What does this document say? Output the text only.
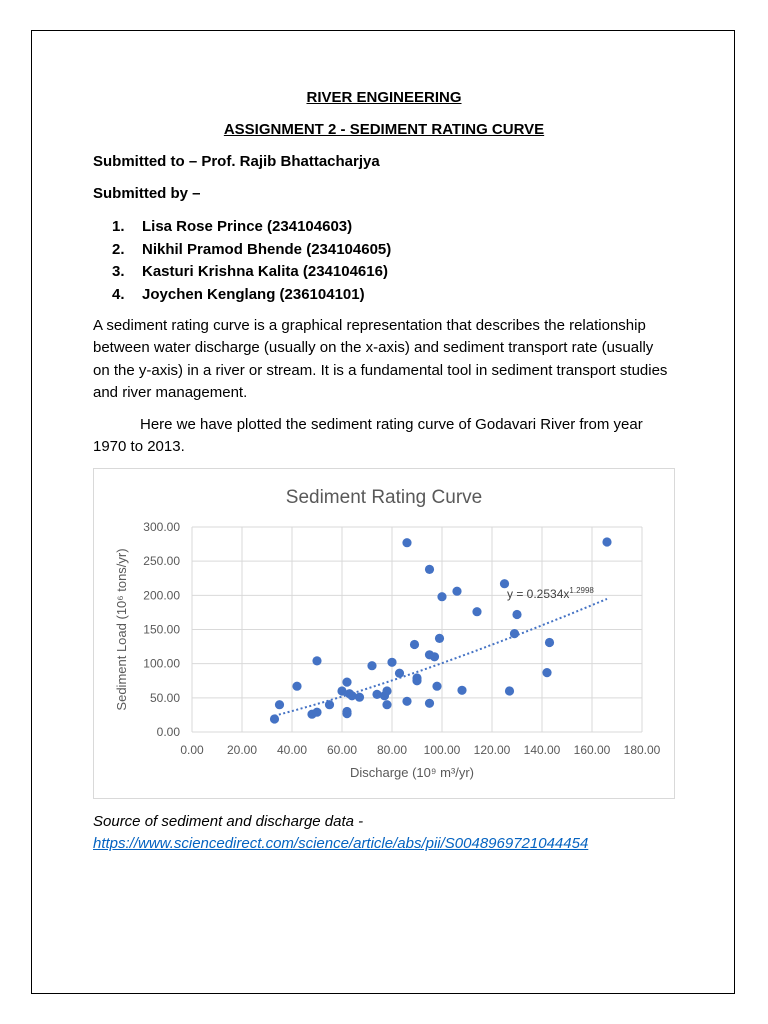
RIVER ENGINEERING
ASSIGNMENT 2 - SEDIMENT RATING CURVE
Submitted to – Prof. Rajib Bhattacharjya
Submitted by –
1. Lisa Rose Prince (234104603)
2. Nikhil Pramod Bhende (234104605)
3. Kasturi Krishna Kalita (234104616)
4. Joychen Kenglang (236104101)
A sediment rating curve is a graphical representation that describes the relationship between water discharge (usually on the x-axis) and sediment transport rate (usually on the y-axis) in a river or stream. It is a fundamental tool in sediment transport studies and river management.
Here we have plotted the sediment rating curve of Godavari River from year 1970 to 2013.
Sediment Rating Curve
0.00
50.00
100.00
150.00
200.00
250.00
300.00
0.00 20.00 40.00 60.00 80.00 100.00 120.00 140.00 160.00 180.00
$y = 0.2534x^{1.2998}$
Discharge (10⁹ m³/yr)
Sediment Load (10⁶ tons/yr)
Source of sediment and discharge data -
https://www.sciencedirect.com/science/article/abs/pii/S0048969721044454
